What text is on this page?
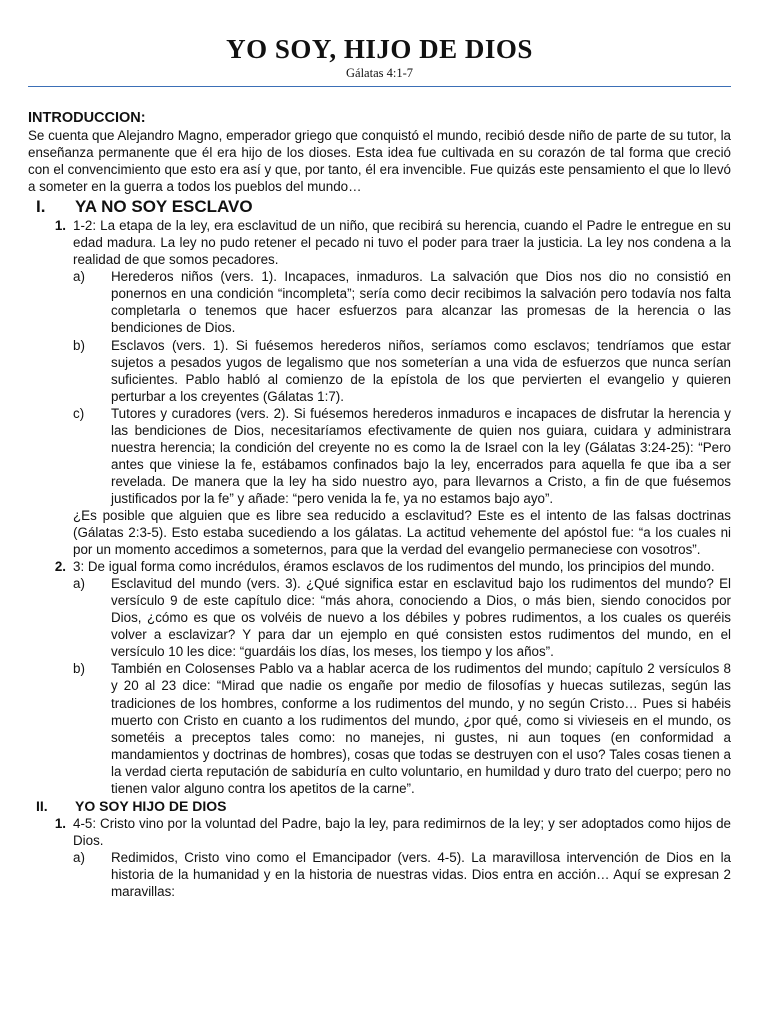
YO SOY, HIJO DE DIOS
Gálatas 4:1-7
INTRODUCCION:

Se cuenta que Alejandro Magno, emperador griego que conquistó el mundo, recibió desde niño de parte de su tutor, la enseñanza permanente que él era hijo de los dioses. Esta idea fue cultivada en su corazón de tal forma que creció con el convencimiento que esto era así y que, por tanto, él era invencible. Fue quizás este pensamiento el que lo llevó a someter en la guerra a todos los pueblos del mundo…

I.	YA NO SOY ESCLAVO
1. 1-2: La etapa de la ley, era esclavitud de un niño, que recibirá su herencia, cuando el Padre le entregue en su edad madura. La ley no pudo retener el pecado ni tuvo el poder para traer la justicia. La ley nos condena a la realidad de que somos pecadores.
a)	Herederos niños (vers. 1). Incapaces, inmaduros. La salvación que Dios nos dio no consistió en ponernos en una condición “incompleta”; sería como decir recibimos la salvación pero todavía nos falta completarla o tenemos que hacer esfuerzos para alcanzar las promesas de la herencia o las bendiciones de Dios.
b)	Esclavos (vers. 1). Si fuésemos herederos niños, seríamos como esclavos; tendríamos que estar sujetos a pesados yugos de legalismo que nos someterían a una vida de esfuerzos que nunca serían suficientes. Pablo habló al comienzo de la epístola de los que pervierten el evangelio y quieren perturbar a los creyentes (Gálatas 1:7).
c)	Tutores y curadores (vers. 2). Si fuésemos herederos inmaduros e incapaces de disfrutar la herencia y las bendiciones de Dios, necesitaríamos efectivamente de quien nos guiara, cuidara y administrara nuestra herencia; la condición del creyente no es como la de Israel con la ley (Gálatas 3:24-25): “Pero antes que viniese la fe, estábamos confinados bajo la ley, encerrados para aquella fe que iba a ser revelada. De manera que la ley ha sido nuestro ayo, para llevarnos a Cristo, a fin de que fuésemos justificados por la fe” y añade: “pero venida la fe, ya no estamos bajo ayo”.
¿Es posible que alguien que es libre sea reducido a esclavitud? Este es el intento de las falsas doctrinas (Gálatas 2:3-5). Esto estaba sucediendo a los gálatas. La actitud vehemente del apóstol fue: “a los cuales ni por un momento accedimos a someternos, para que la verdad del evangelio permaneciese con vosotros”.
2. 3: De igual forma como incrédulos, éramos esclavos de los rudimentos del mundo, los principios del mundo.
a)	Esclavitud del mundo (vers. 3). ¿Qué significa estar en esclavitud bajo los rudimentos del mundo? El versículo 9 de este capítulo dice: “más ahora, conociendo a Dios, o más bien, siendo conocidos por Dios, ¿cómo es que os volvéis de nuevo a los débiles y pobres rudimentos, a los cuales os queréis volver a esclavizar? Y para dar un ejemplo en qué consisten estos rudimentos del mundo, en el versículo 10 les dice: “guardáis los días, los meses, los tiempo y los años”.
b)	También en Colosenses Pablo va a hablar acerca de los rudimentos del mundo; capítulo 2 versículos 8 y 20 al 23 dice: “Mirad que nadie os engañe por medio de filosofías y huecas sutilezas, según las tradiciones de los hombres, conforme a los rudimentos del mundo, y no según Cristo… Pues si habéis muerto con Cristo en cuanto a los rudimentos del mundo, ¿por qué, como si vivieseis en el mundo, os sometéis a preceptos tales como: no manejes, ni gustes, ni aun toques (en conformidad a mandamientos y doctrinas de hombres), cosas que todas se destruyen con el uso? Tales cosas tienen a la verdad cierta reputación de sabiduría en culto voluntario, en humildad y duro trato del cuerpo; pero no tienen valor alguno contra los apetitos de la carne”.
II.	YO SOY HIJO DE DIOS
1. 4-5: Cristo vino por la voluntad del Padre, bajo la ley, para redimirnos de la ley; y ser adoptados como hijos de Dios.
a)	Redimidos, Cristo vino como el Emancipador (vers. 4-5). La maravillosa intervención de Dios en la historia de la humanidad y en la historia de nuestras vidas. Dios entra en acción… Aquí se expresan 2 maravillas:
